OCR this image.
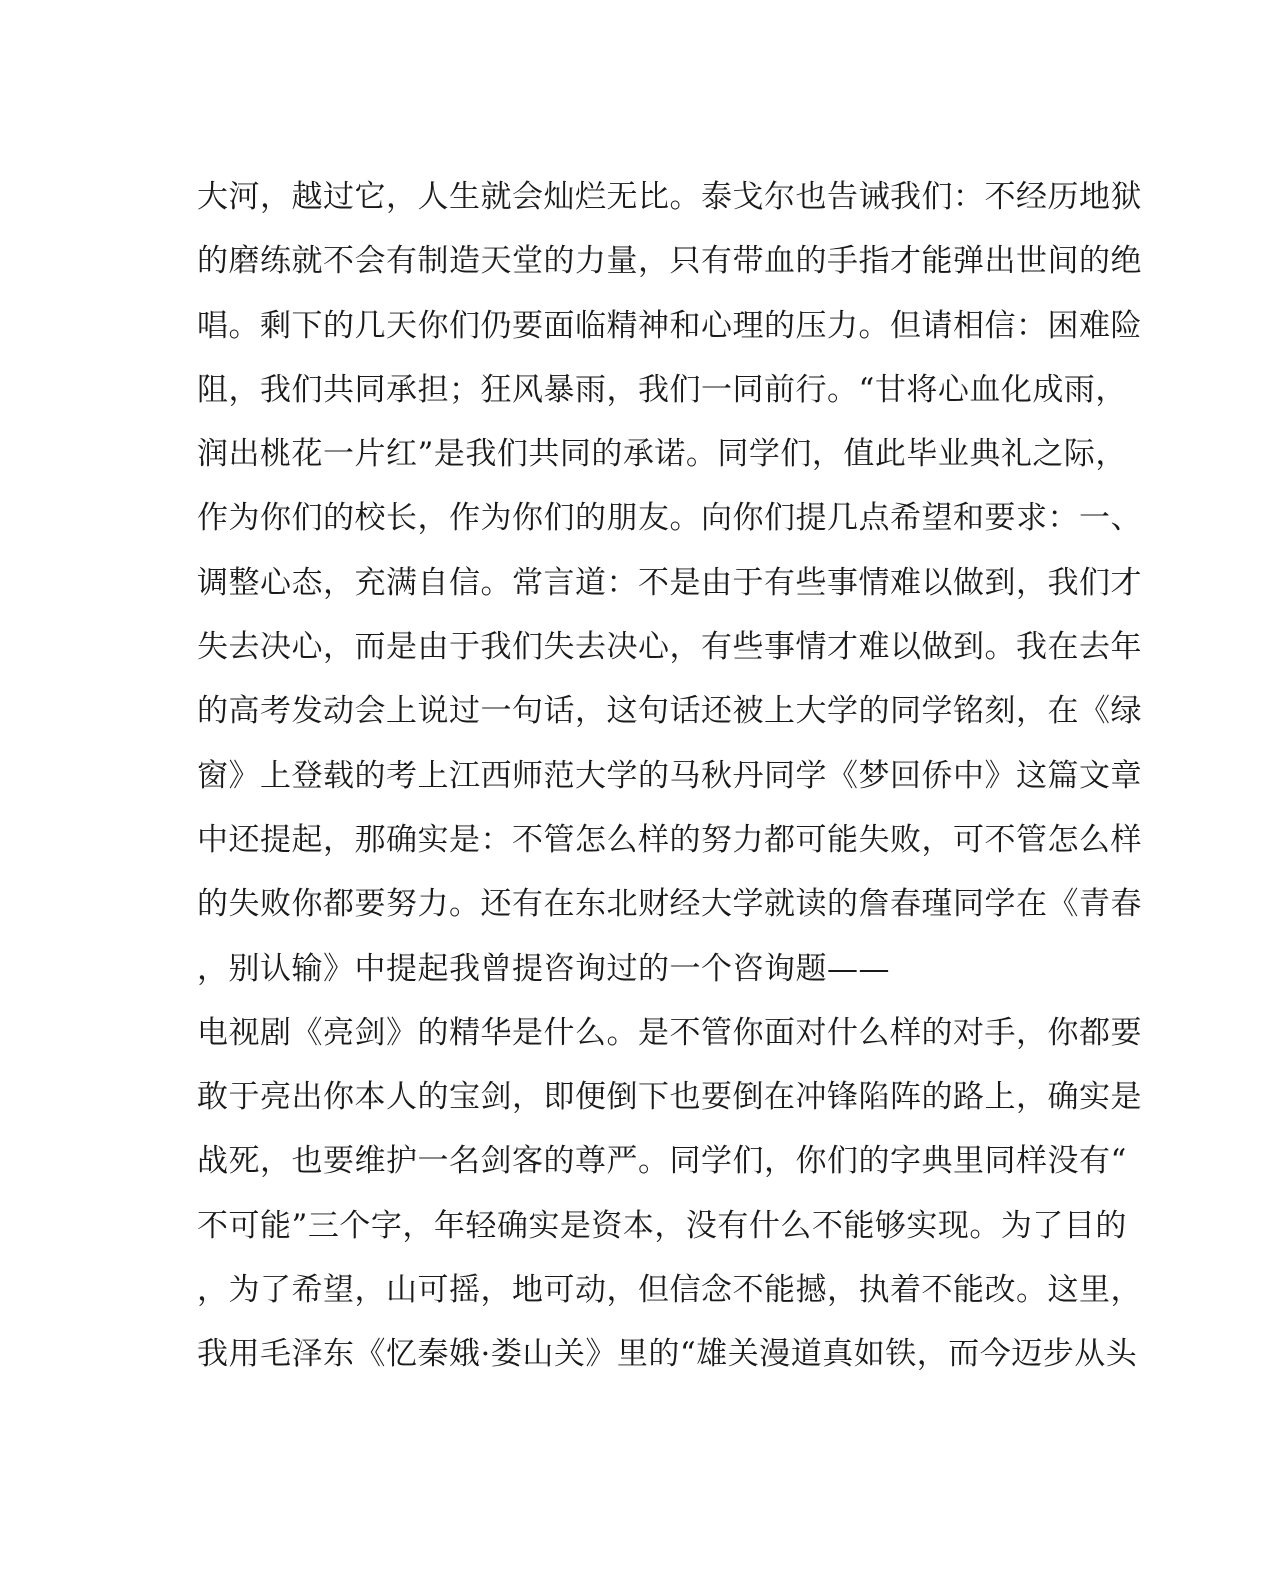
大河，越过它，人生就会灿烂无比。泰戈尔也告诫我们：不经历地狱
的磨练就不会有制造天堂的力量，只有带血的手指才能弹出世间的绝
唱。剩下的几天你们仍要面临精神和心理的压力。但请相信：困难险
阻，我们共同承担；狂风暴雨，我们一同前行。“甘将心血化成雨，
润出桃花一片红”是我们共同的承诺。同学们，值此毕业典礼之际，
作为你们的校长，作为你们的朋友。向你们提几点希望和要求：一、
调整心态，充满自信。常言道：不是由于有些事情难以做到，我们才
失去决心，而是由于我们失去决心，有些事情才难以做到。我在去年
的高考发动会上说过一句话，这句话还被上大学的同学铭刻，在《绿
窗》上登载的考上江西师范大学的马秋丹同学《梦回侨中》这篇文章
中还提起，那确实是：不管怎么样的努力都可能失败，可不管怎么样
的失败你都要努力。还有在东北财经大学就读的詹春瑾同学在《青春
，别认输》中提起我曾提咨询过的一个咨询题——
电视剧《亮剑》的精华是什么。是不管你面对什么样的对手，你都要
敢于亮出你本人的宝剑，即便倒下也要倒在冲锋陷阵的路上，确实是
战死，也要维护一名剑客的尊严。同学们，你们的字典里同样没有“
不可能”三个字，年轻确实是资本，没有什么不能够实现。为了目的
，为了希望，山可摇，地可动，但信念不能撼，执着不能改。这里，
我用毛泽东《忆秦娥·娄山关》里的“雄关漫道真如铁，而今迈步从头
